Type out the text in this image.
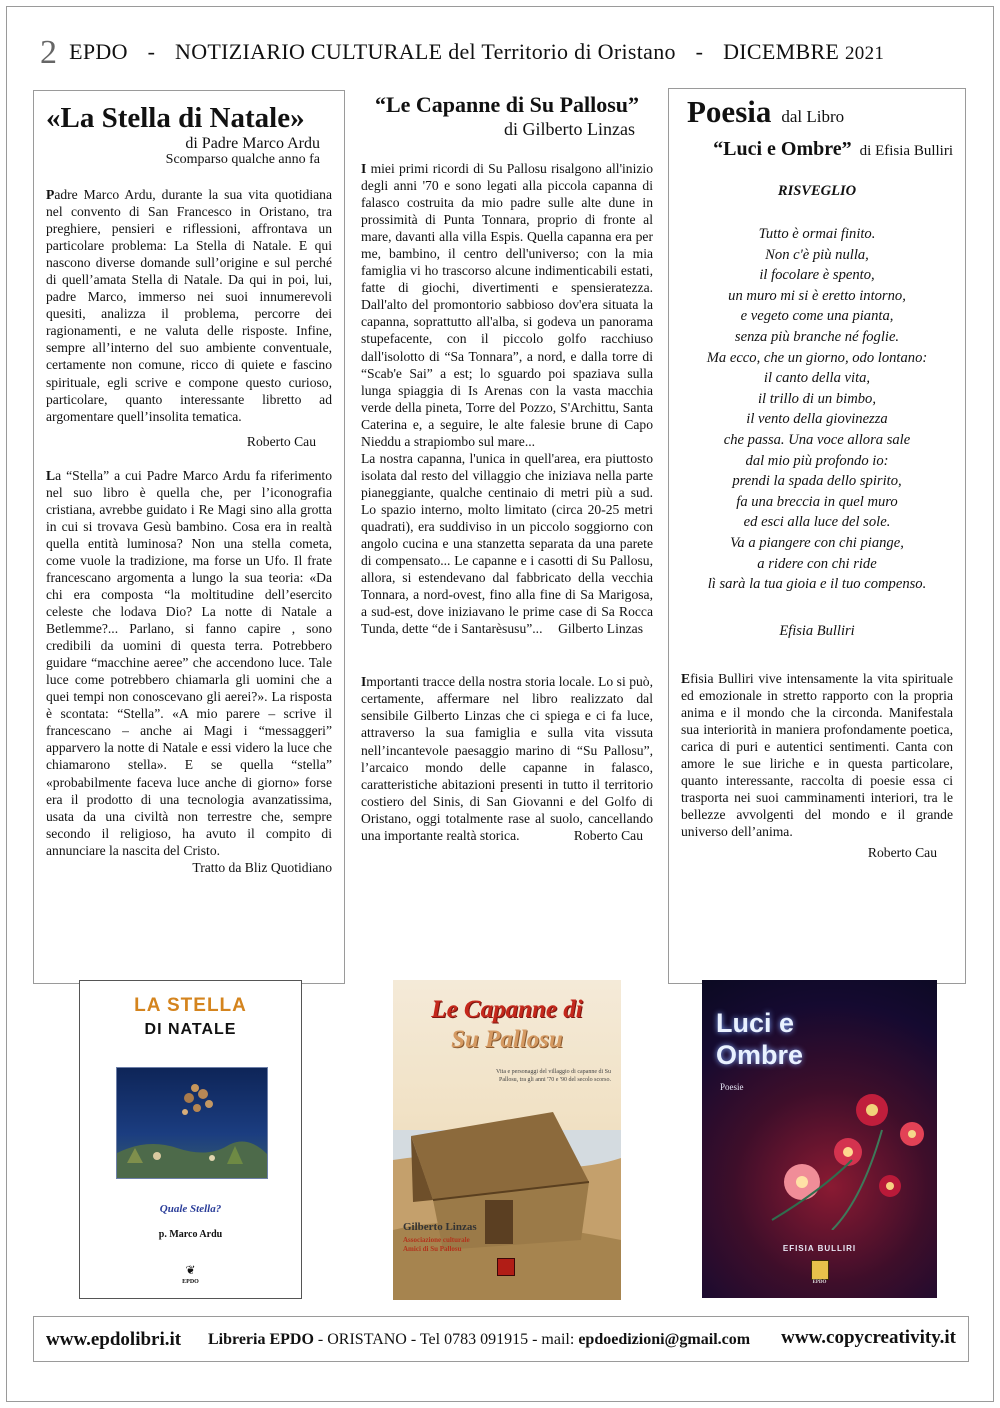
2 EPDO - NOTIZIARIO CULTURALE del Territorio di Oristano - DICEMBRE 2021
«La Stella di Natale»
di Padre Marco Ardu
Scomparso qualche anno fa

Padre Marco Ardu, durante la sua vita quotidiana nel convento di San Francesco in Oristano, tra preghiere, pensieri e riflessioni, affrontava un particolare problema: La Stella di Natale. E qui nascono diverse domande sull’origine e sul perché di quell’amata Stella di Natale. Da qui in poi, lui, padre Marco, immerso nei suoi innumerevoli quesiti, analizza il problema, percorre dei ragionamenti, e ne valuta delle risposte. Infine, sempre all’interno del suo ambiente conventuale, certamente non comune, ricco di quiete e fascino spirituale, egli scrive e compone questo curioso, particolare, quanto interessante libretto ad argomentare quell’insolita tematica.

Roberto Cau

La “Stella” a cui Padre Marco Ardu fa riferimento nel suo libro è quella che, per l’iconografia cristiana, avrebbe guidato i Re Magi sino alla grotta in cui si trovava Gesù bambino. Cosa era in realtà quella entità luminosa? Non una stella cometa, come vuole la tradizione, ma forse un Ufo. Il frate francescano argomenta a lungo la sua teoria: «Da chi era composta “la moltitudine dell’esercito celeste che lodava Dio? La notte di Natale a Betlemme?... Parlano, si fanno capire , sono credibili da uomini di questa terra. Potrebbero guidare “macchine aeree” che accendono luce. Tale luce come potrebbero chiamarla gli uomini che a quei tempi non conoscevano gli aerei?». La risposta è scontata: “Stella”. «A mio parere – scrive il francescano – anche ai Magi i “messaggeri” apparvero la notte di Natale e essi videro la luce che chiamarono stella». E se quella “stella” «probabilmente faceva luce anche di giorno» forse era il prodotto di una tecnologia avanzatissima, usata da una civiltà non terrestre che, sempre secondo il religioso, ha avuto il compito di annunciare la nascita del Cristo.
Tratto da Bliz Quotidiano

“Le Capanne di Su Pallosu”
di Gilberto Linzas

I miei primi ricordi di Su Pallosu risalgono all'inizio degli anni '70 e sono legati alla piccola capanna di falasco costruita da mio padre sulle alte dune in prossimità di Punta Tonnara, proprio di fronte al mare, davanti alla villa Espis. Quella capanna era per me, bambino, il centro dell'universo; con la mia famiglia vi ho trascorso alcune indimenticabili estati, fatte di giochi, divertimenti e spensieratezza. Dall'alto del promontorio sabbioso dov'era situata la capanna, soprattutto all'alba, si godeva un panorama stupefacente, con il piccolo golfo racchiuso dall'isolotto di “Sa Tonnara”, a nord, e dalla torre di “Scab'e Sai” a est; lo sguardo poi spaziava sulla lunga spiaggia di Is Arenas con la vasta macchia verde della pineta, Torre del Pozzo, S'Archittu, Santa Caterina e, a seguire, le alte falesie brune di Capo Nieddu a strapiombo sul mare...

La nostra capanna, l'unica in quell'area, era piuttosto isolata dal resto del villaggio che iniziava nella parte pianeggiante, qualche centinaio di metri più a sud. Lo spazio interno, molto limitato (circa 20-25 metri quadrati), era suddiviso in un piccolo soggiorno con angolo cucina e una stanzetta separata da una parete di compensato... Le capanne e i casotti di Su Pallosu, allora, si estendevano dal fabbricato della vecchia Tonnara, a nord-ovest, fino alla fine di Sa Marigosa, a sud-est, dove iniziavano le prime case di Sa Rocca Tunda, dette “de i Santarèsusu”... Gilberto Linzas

Importanti tracce della nostra storia locale. Lo si può, certamente, affermare nel libro realizzato dal sensibile Gilberto Linzas che ci spiega e ci fa luce, attraverso la sua famiglia e sulla vita vissuta nell’incantevole paesaggio marino di “Su Pallosu”, l’arcaico mondo delle capanne in falasco, caratteristiche abitazioni presenti in tutto il territorio costiero del Sinis, di San Giovanni e del Golfo di Oristano, oggi totalmente rase al suolo, cancellando una importante realtà storica.	Roberto Cau

Poesia dal Libro
“Luci e Ombre” di Efisia Bulliri
RISVEGLIO
Tutto è ormai finito.
Non c'è più nulla,
il focolare è spento,
un muro mi si è eretto intorno,
e vegeto come una pianta,
senza più branche né foglie.
Ma ecco, che un giorno, odo lontano:
il canto della vita,
il trillo di un bimbo,
il vento della giovinezza
che passa. Una voce allora sale
dal mio più profondo io:
prendi la spada dello spirito,
fa una breccia in quel muro
ed esci alla luce del sole.
Va a piangere con chi piange,
a ridere con chi ride
lì sarà la tua gioia e il tuo compenso.
Efisia Bulliri

Efisia Bulliri vive intensamente la vita spirituale ed emozionale in stretto rapporto con la propria anima e il mondo che la circonda. Manifestala sua interiorità in maniera profondamente poetica, carica di puri e autentici sentimenti. Canta con amore le sue liriche e in questa particolare, quanto interessante, raccolta di poesie essa ci trasporta nei suoi camminamenti interiori, tra le bellezze avvolgenti del mondo e il grande universo dell’anima.

Roberto Cau
LA STELLA
DI NATALE
Quale Stella?
p. Marco Ardu
❦
EPDO
Le Capanne di
Su Pallosu
Vita e personaggi del villaggio di capanne di Su Pallosu, tra gli anni '70 e '90 del secolo scorso.
Gilberto Linzas
Associazione culturale
Amici di Su Pallosu
Luci e
Ombre
Poesie
EFISIA BULLIRI
EPDO
www.epdolibri.it Libreria EPDO - ORISTANO - Tel 0783 091915 - mail: epdoedizioni@gmail.com www.copycreativity.it
